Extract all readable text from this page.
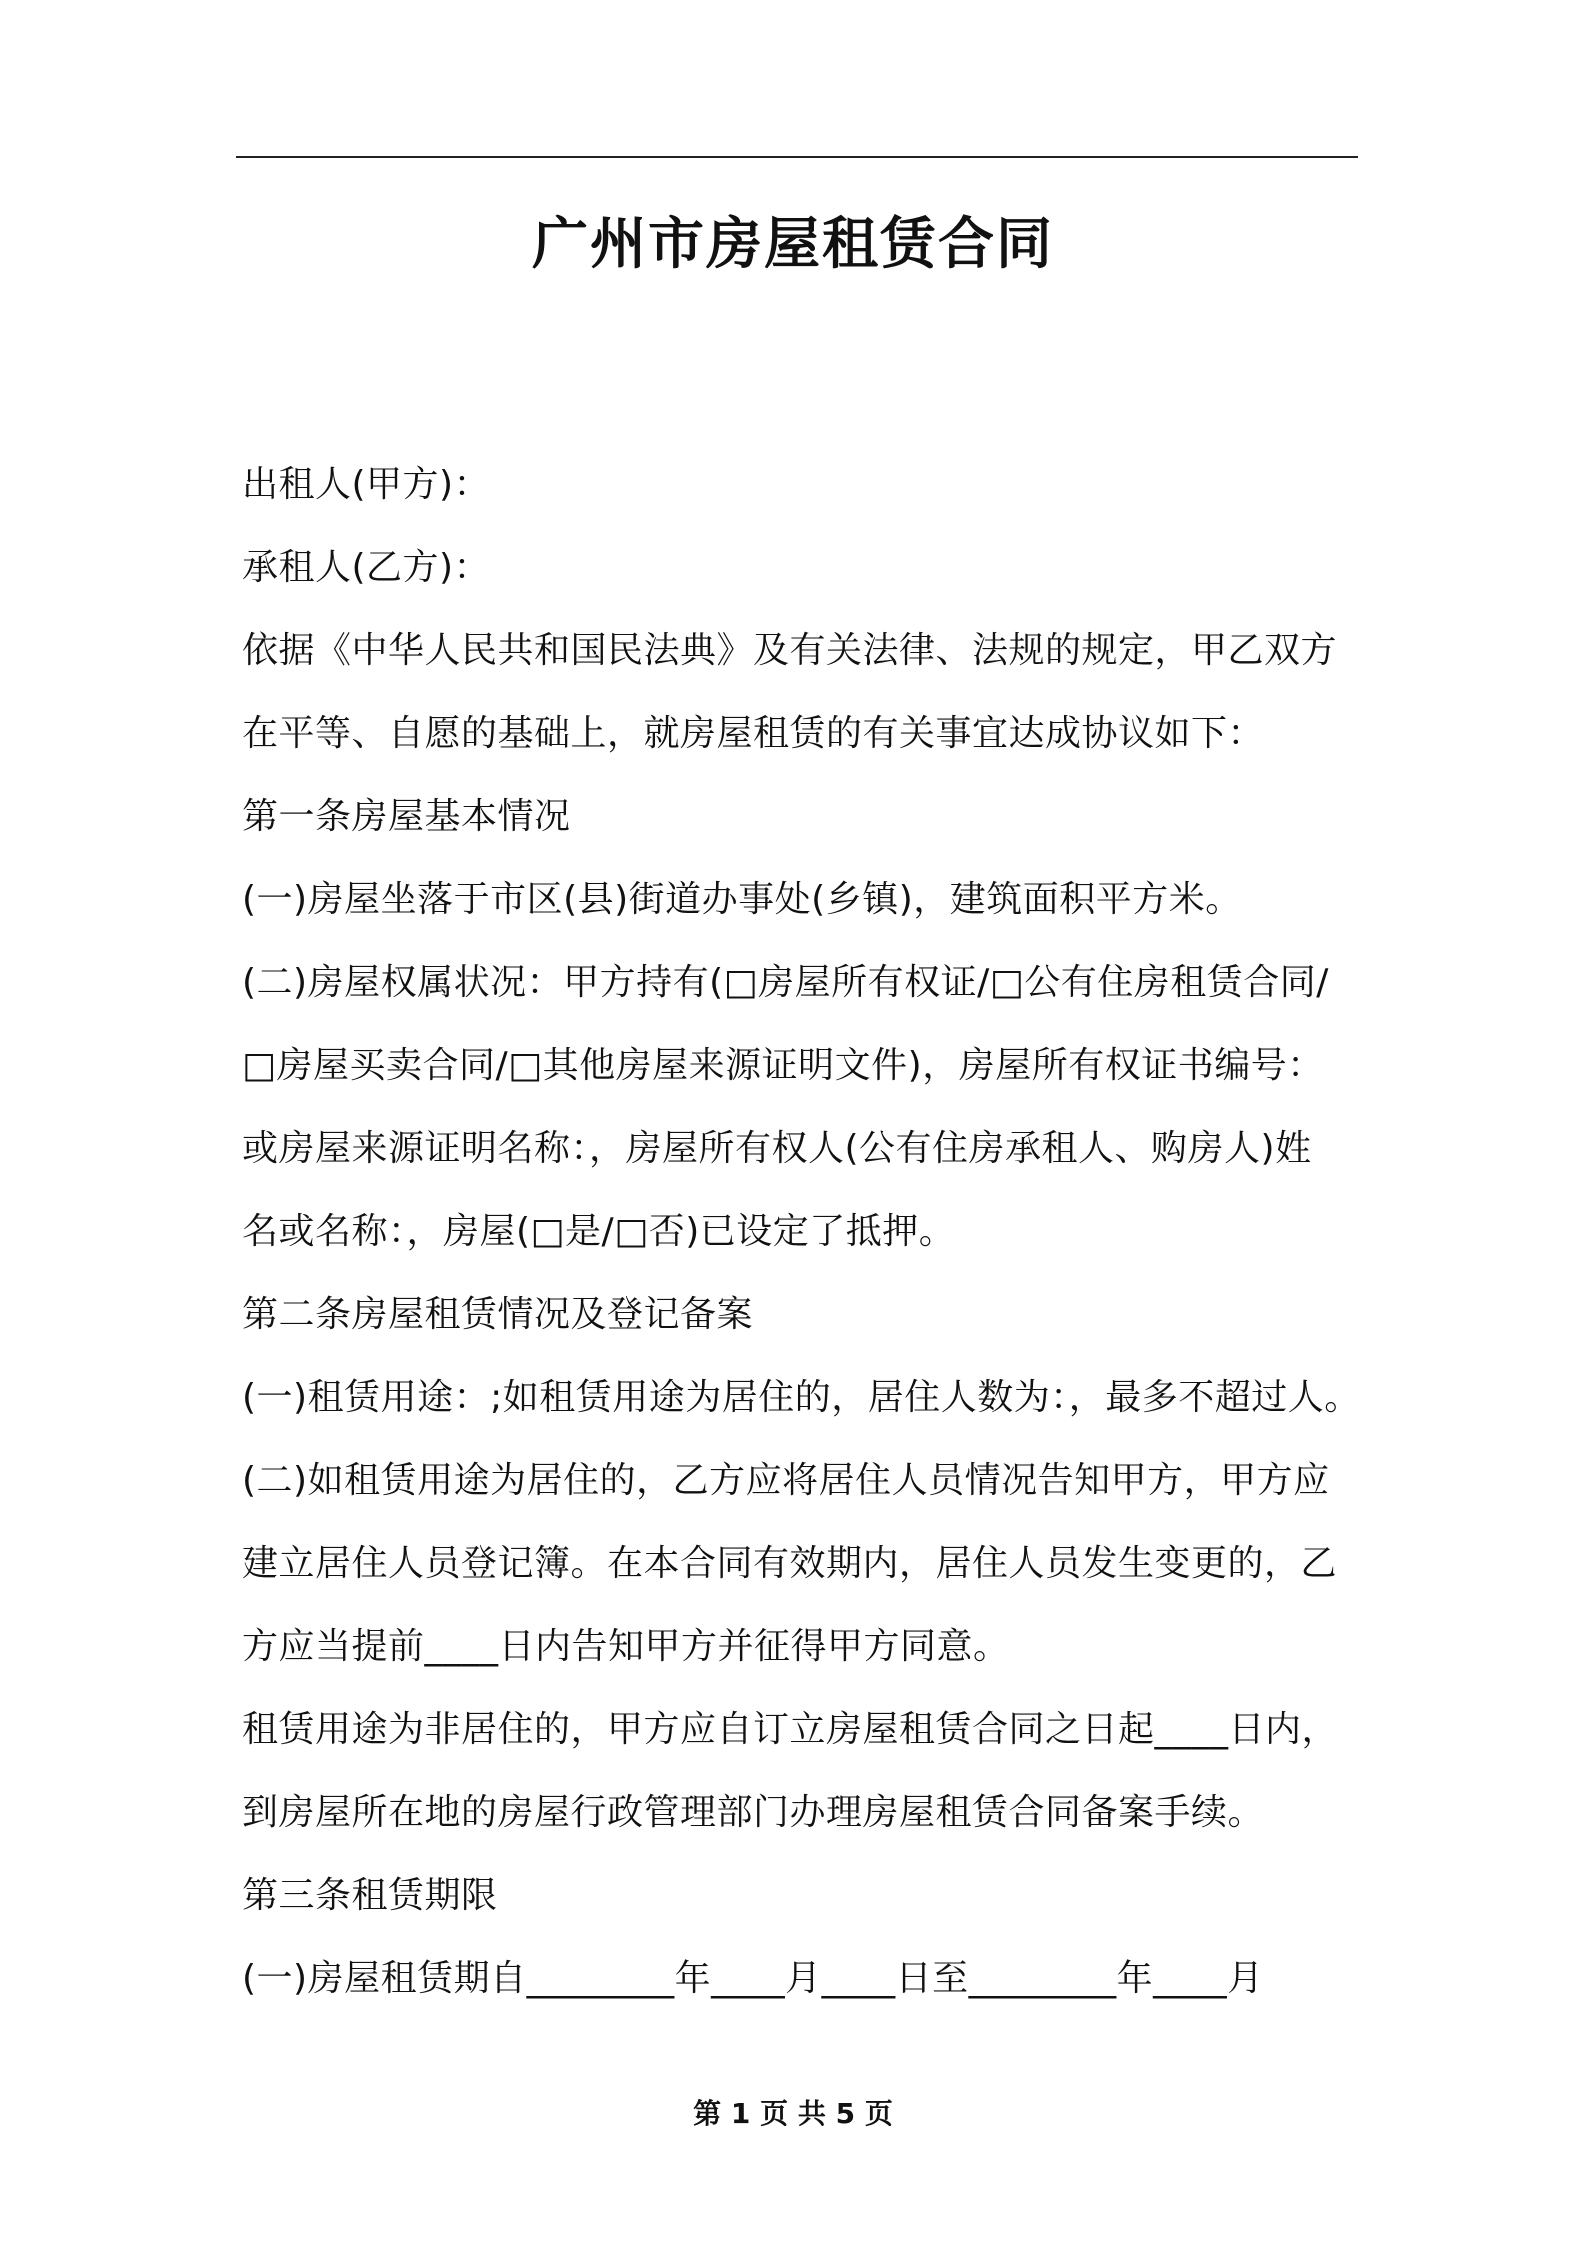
广州市房屋租赁合同
出租人(甲方)：
承租人(乙方)：
依据《中华人民共和国民法典》及有关法律、法规的规定，甲乙双方
在平等、自愿的基础上，就房屋租赁的有关事宜达成协议如下：
第一条房屋基本情况
(一)房屋坐落于市区(县)街道办事处(乡镇)，建筑面积平方米。
(二)房屋权属状况：甲方持有(□房屋所有权证/□公有住房租赁合同/
□房屋买卖合同/□其他房屋来源证明文件)，房屋所有权证书编号：
或房屋来源证明名称：，房屋所有权人(公有住房承租人、购房人)姓
名或名称：，房屋(□是/□否)已设定了抵押。
第二条房屋租赁情况及登记备案
(一)租赁用途：;如租赁用途为居住的，居住人数为：，最多不超过人。
(二)如租赁用途为居住的，乙方应将居住人员情况告知甲方，甲方应
建立居住人员登记簿。在本合同有效期内，居住人员发生变更的，乙
方应当提前____日内告知甲方并征得甲方同意。
租赁用途为非居住的，甲方应自订立房屋租赁合同之日起____日内，
到房屋所在地的房屋行政管理部门办理房屋租赁合同备案手续。
第三条租赁期限
(一)房屋租赁期自________年____月____日至________年____月
第 1 页 共 5 页
